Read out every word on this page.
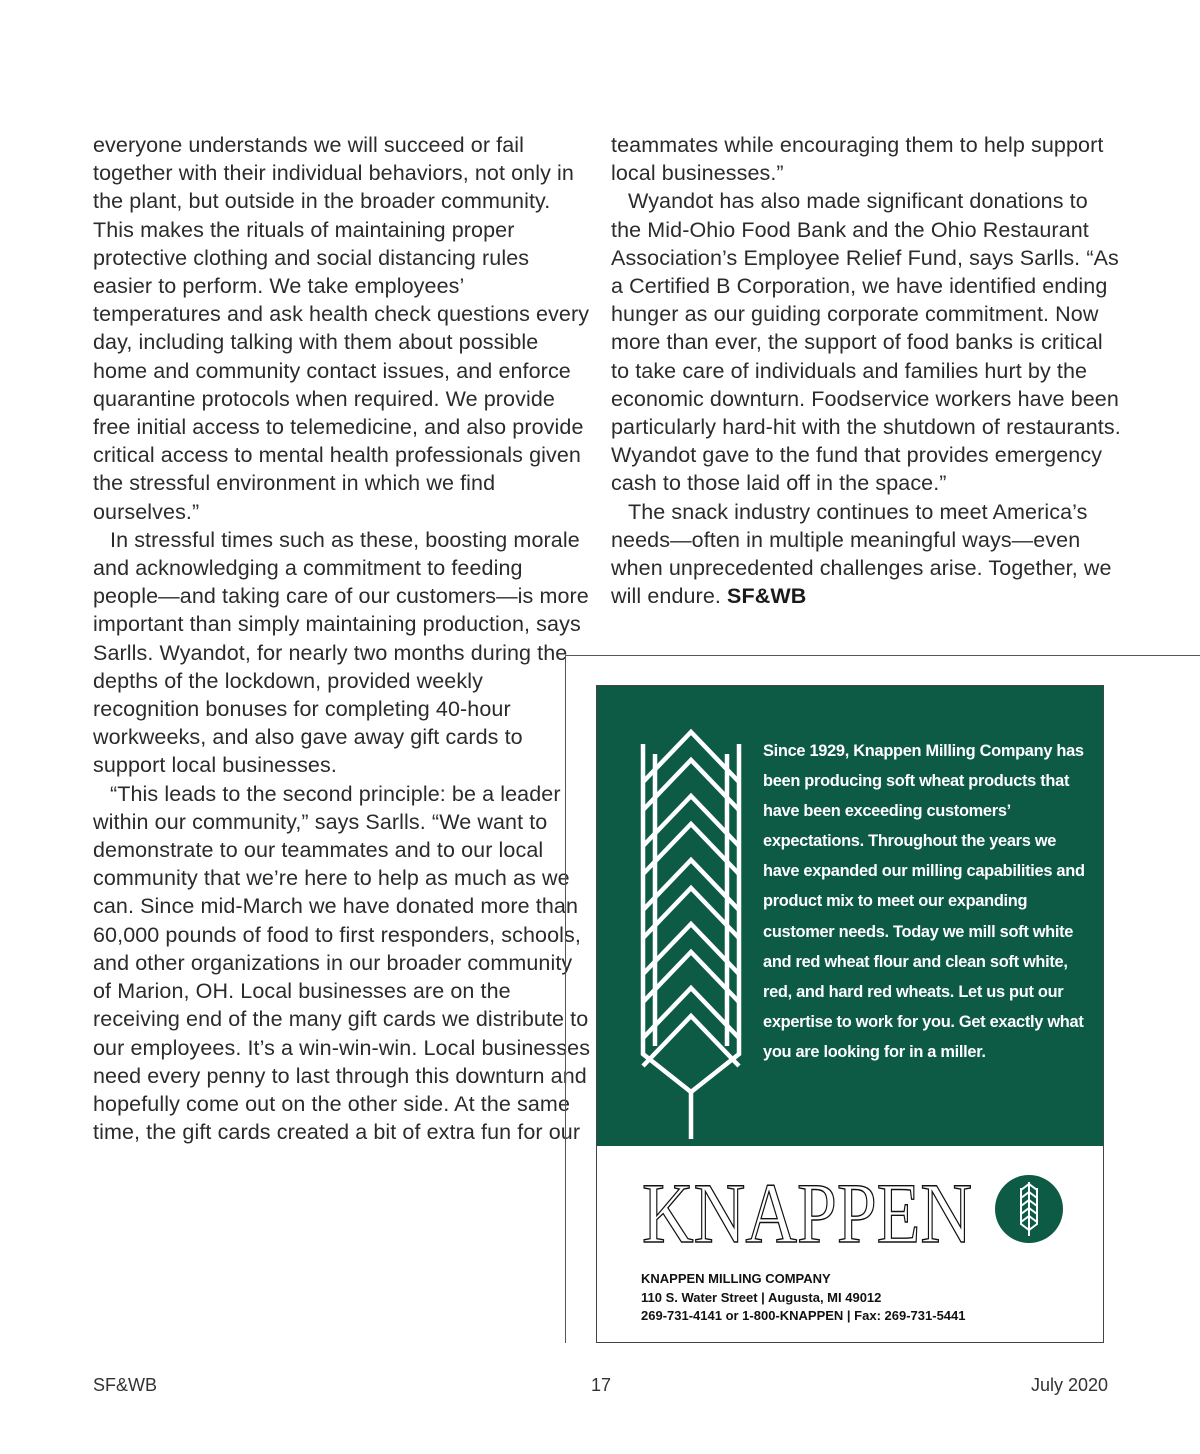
everyone understands we will succeed or fail together with their individual behaviors, not only in the plant, but outside in the broader community. This makes the rituals of maintaining proper protective clothing and social distancing rules easier to perform. We take employees’ temperatures and ask health check questions every day, including talking with them about possible home and community contact issues, and enforce quarantine protocols when required. We provide free initial access to telemedicine, and also provide critical access to mental health professionals given the stressful environment in which we find ourselves.”

In stressful times such as these, boosting morale and acknowledging a commitment to feeding people—and taking care of our customers—is more important than simply maintaining production, says Sarlls. Wyandot, for nearly two months during the depths of the lockdown, provided weekly recognition bonuses for completing 40-hour workweeks, and also gave away gift cards to support local businesses.

“This leads to the second principle: be a leader within our community,” says Sarlls. “We want to demonstrate to our teammates and to our local community that we’re here to help as much as we can. Since mid-March we have donated more than 60,000 pounds of food to first responders, schools, and other organizations in our broader community of Marion, OH. Local businesses are on the receiving end of the many gift cards we distribute to our employees. It’s a win-win-win. Local businesses need every penny to last through this downturn and hopefully come out on the other side. At the same time, the gift cards created a bit of extra fun for our

teammates while encouraging them to help support local businesses.”

Wyandot has also made significant donations to the Mid-Ohio Food Bank and the Ohio Restaurant Association’s Employee Relief Fund, says Sarlls. “As a Certified B Corporation, we have identified ending hunger as our guiding corporate commitment. Now more than ever, the support of food banks is critical to take care of individuals and families hurt by the economic downturn. Foodservice workers have been particularly hard-hit with the shutdown of restaurants. Wyandot gave to the fund that provides emergency cash to those laid off in the space.”

The snack industry continues to meet America’s needs—often in multiple meaningful ways—even when unprecedented challenges arise. Together, we will endure. SF&WB

Since 1929, Knappen Milling Company has been producing soft wheat products that have been exceeding customers’ expectations. Throughout the years we have expanded our milling capabilities and product mix to meet our expanding customer needs. Today we mill soft white and red wheat flour and clean soft white, red, and hard red wheats. Let us put our expertise to work for you. Get exactly what you are looking for in a miller.
KNAPPEN
KNAPPEN MILLING COMPANY
110 S. Water Street | Augusta, MI 49012
269-731-4141 or 1-800-KNAPPEN | Fax: 269-731-5441
SF&WB	17	July 2020
